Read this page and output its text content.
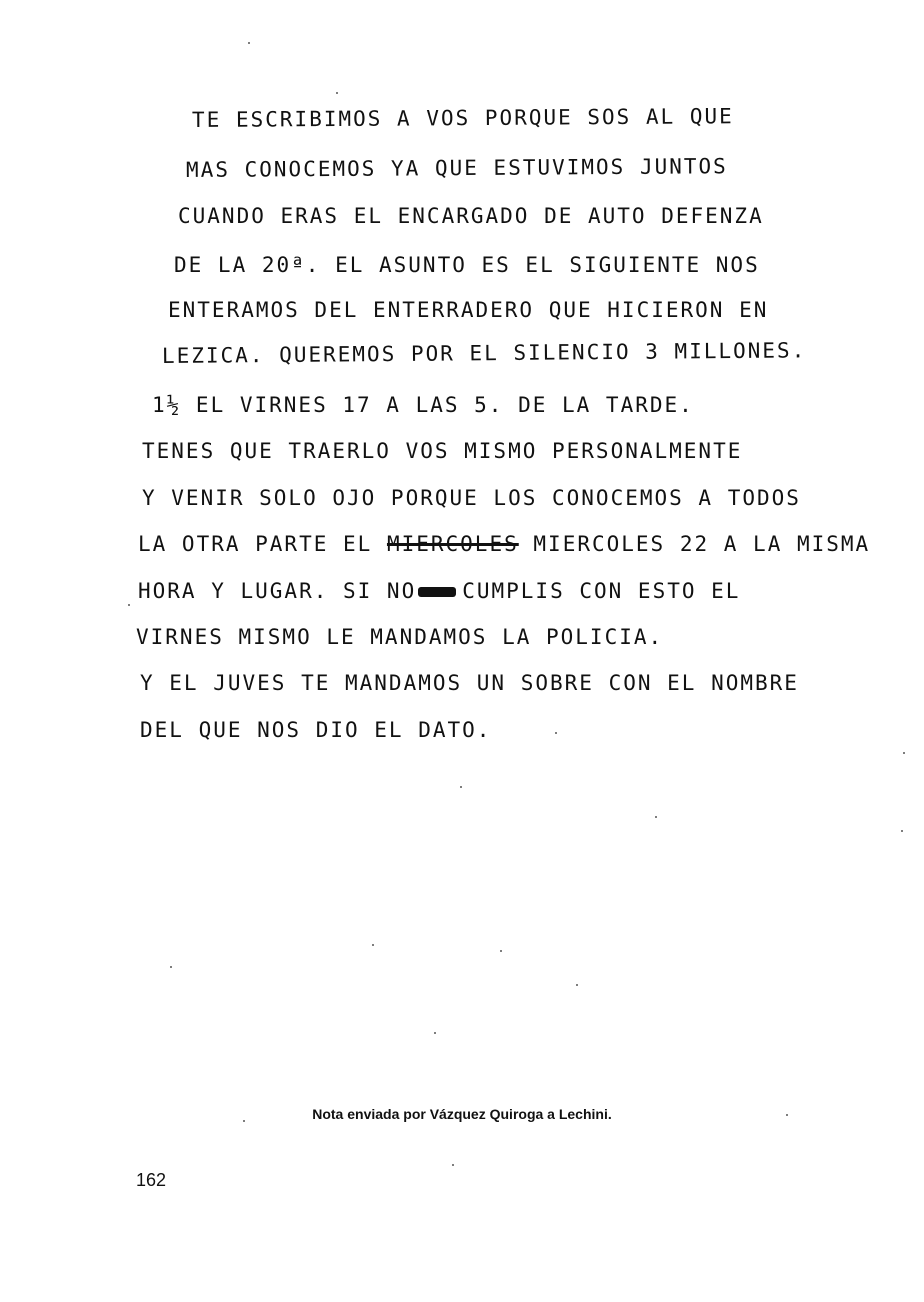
TE ESCRIBIMOS A VOS PORQUE SOS AL QUE
MAS CONOCEMOS YA QUE ESTUVIMOS JUNTOS
CUANDO ERAS EL ENCARGADO DE AUTO DEFENZA
DE LA 20ª. EL ASUNTO ES EL SIGUIENTE NOS
ENTERAMOS DEL ENTERRADERO QUE HICIERON EN
LEZICA. QUEREMOS POR EL SILENCIO 3 MILLONES.
1½ EL VIRNES 17 A LAS 5. DE LA TARDE.
TENES QUE TRAERLO VOS MISMO PERSONALMENTE
Y VENIR SOLO OJO PORQUE LOS CONOCEMOS A TODOS
LA OTRA PARTE EL MIERCOLES MIERCOLES 22 A LA MISMA
HORA Y LUGAR. SI NO CUMPLIS CON ESTO EL
VIRNES MISMO LE MANDAMOS LA POLICIA.
Y EL JUVES TE MANDAMOS UN SOBRE CON EL NOMBRE
DEL QUE NOS DIO EL DATO.
Nota enviada por Vázquez Quiroga a Lechini.
162
